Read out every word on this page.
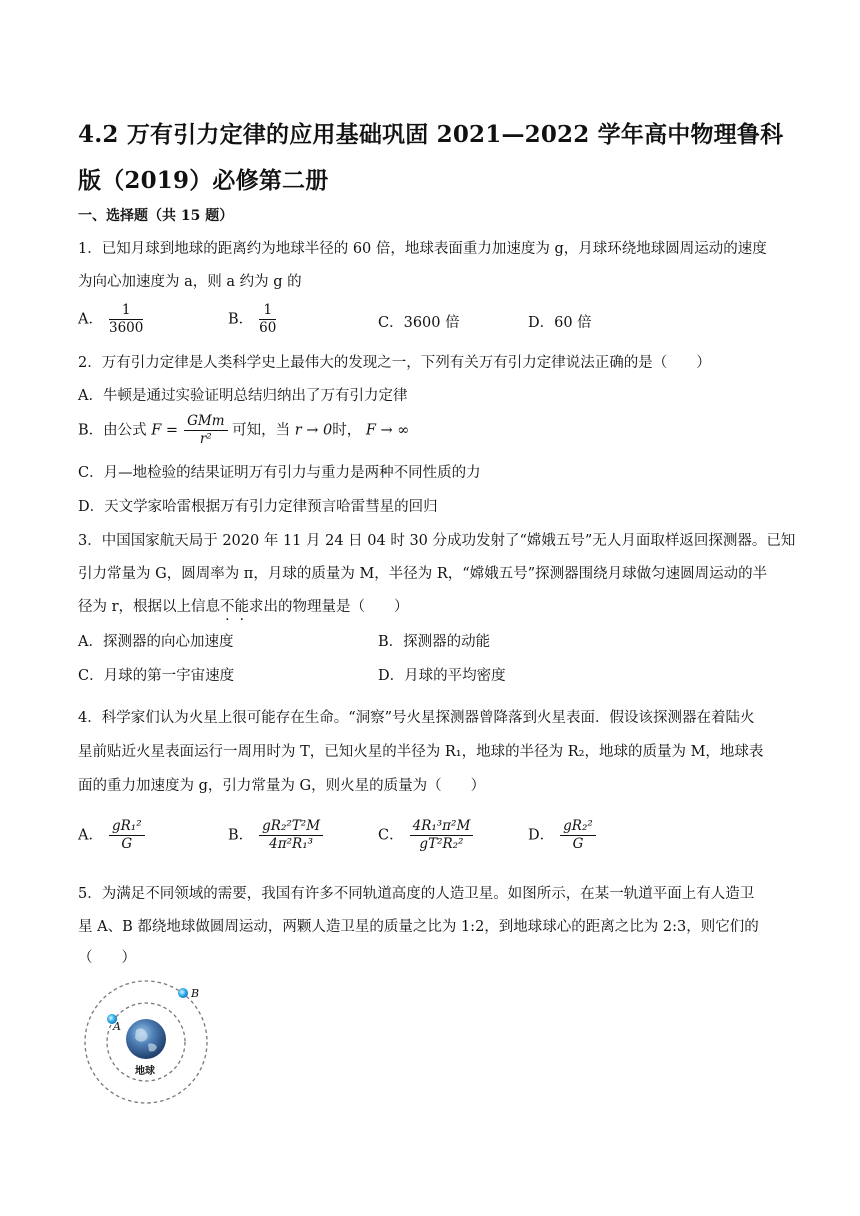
4.2 万有引力定律的应用基础巩固 2021—2022 学年高中物理鲁科版（2019）必修第二册
一、选择题（共 15 题）
1．已知月球到地球的距离约为地球半径的 60 倍，地球表面重力加速度为 g，月球环绕地球圆周运动的速度
为向心加速度为 a，则 a 约为 g 的
A． $\frac{1}{3600}$	B． $\frac{1}{60}$	C．3600 倍	D．60 倍
2．万有引力定律是人类科学史上最伟大的发现之一，下列有关万有引力定律说法正确的是（　　）
A．牛顿是通过实验证明总结归纳出了万有引力定律
B．由公式 $F = \frac{\text{GMm}}{\text{r²}}$ 可知，当 r → 0时， F → ∞
C．月—地检验的结果证明万有引力与重力是两种不同性质的力
D．天文学家哈雷根据万有引力定律预言哈雷彗星的回归
3．中国国家航天局于 2020 年 11 月 24 日 04 时 30 分成功发射了“嫦娥五号”无人月面取样返回探测器。已知
引力常量为 G，圆周率为 π，月球的质量为 M，半径为 R，“嫦娥五号”探测器围绕月球做匀速圆周运动的半
径为 r，根据以上信息不能求出的物理量是（　　）
A．探测器的向心加速度	B．探测器的动能
C．月球的第一宇宙速度	D．月球的平均密度
4．科学家们认为火星上很可能存在生命。“洞察”号火星探测器曾降落到火星表面．假设该探测器在着陆火
星前贴近火星表面运行一周用时为 T，已知火星的半径为 R₁，地球的半径为 R₂，地球的质量为 M，地球表
面的重力加速度为 g，引力常量为 G，则火星的质量为（　　）
A． $\frac{\text{gR₁²}}{G}$	B． $\frac{\text{gR₂²T²M}}{\text{4π²R₁³}}$	C． $\frac{\text{4R₁³π²M}}{\text{gT²R₂²}}$	D． $\frac{\text{gR₂²}}{G}$
5．为满足不同领域的需要，我国有许多不同轨道高度的人造卫星。如图所示，在某一轨道平面上有人造卫
星 A、B 都绕地球做圆周运动，两颗人造卫星的质量之比为 1:2，到地球球心的距离之比为 2:3，则它们的
（　　）
A
B
地球
